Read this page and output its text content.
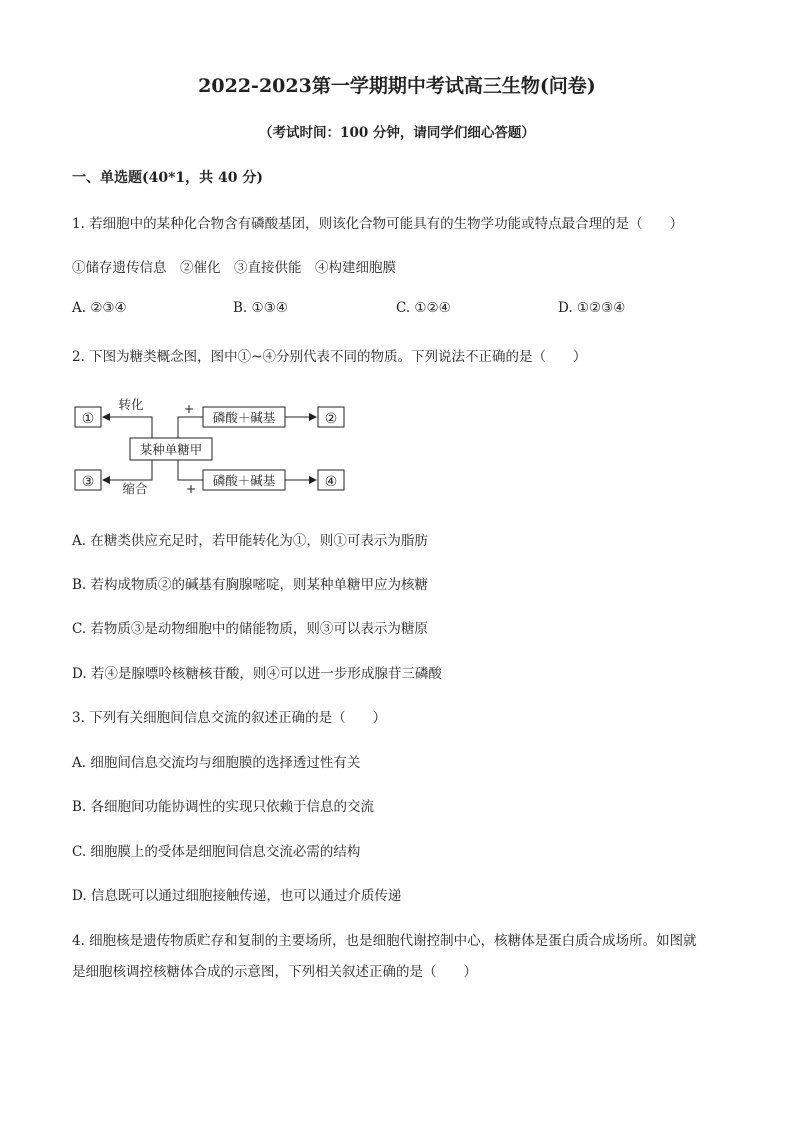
2022-2023第一学期期中考试高三生物(问卷)
（考试时间：100 分钟，请同学们细心答题）
一、单选题(40*1，共 40 分)
1. 若细胞中的某种化合物含有磷酸基团，则该化合物可能具有的生物学功能或特点最合理的是（　　）
①储存遗传信息　②催化　③直接供能　④构建细胞膜
A. ②③④	B. ①③④	C. ①②④	D. ①②③④
2. 下图为糖类概念图，图中①~④分别代表不同的物质。下列说法不正确的是（　　）
①	②
③	④
某种单糖甲
磷酸＋碱基
磷酸＋碱基
转化
缩合
+
+
A. 在糖类供应充足时，若甲能转化为①，则①可表示为脂肪
B. 若构成物质②的碱基有胸腺嘧啶，则某种单糖甲应为核糖
C. 若物质③是动物细胞中的储能物质，则③可以表示为糖原
D. 若④是腺嘌呤核糖核苷酸，则④可以进一步形成腺苷三磷酸
3. 下列有关细胞间信息交流的叙述正确的是（　　）
A. 细胞间信息交流均与细胞膜的选择透过性有关
B. 各细胞间功能协调性的实现只依赖于信息的交流
C. 细胞膜上的受体是细胞间信息交流必需的结构
D. 信息既可以通过细胞接触传递，也可以通过介质传递
4. 细胞核是遗传物质贮存和复制的主要场所，也是细胞代谢控制中心，核糖体是蛋白质合成场所。如图就
是细胞核调控核糖体合成的示意图，下列相关叙述正确的是（　　）
